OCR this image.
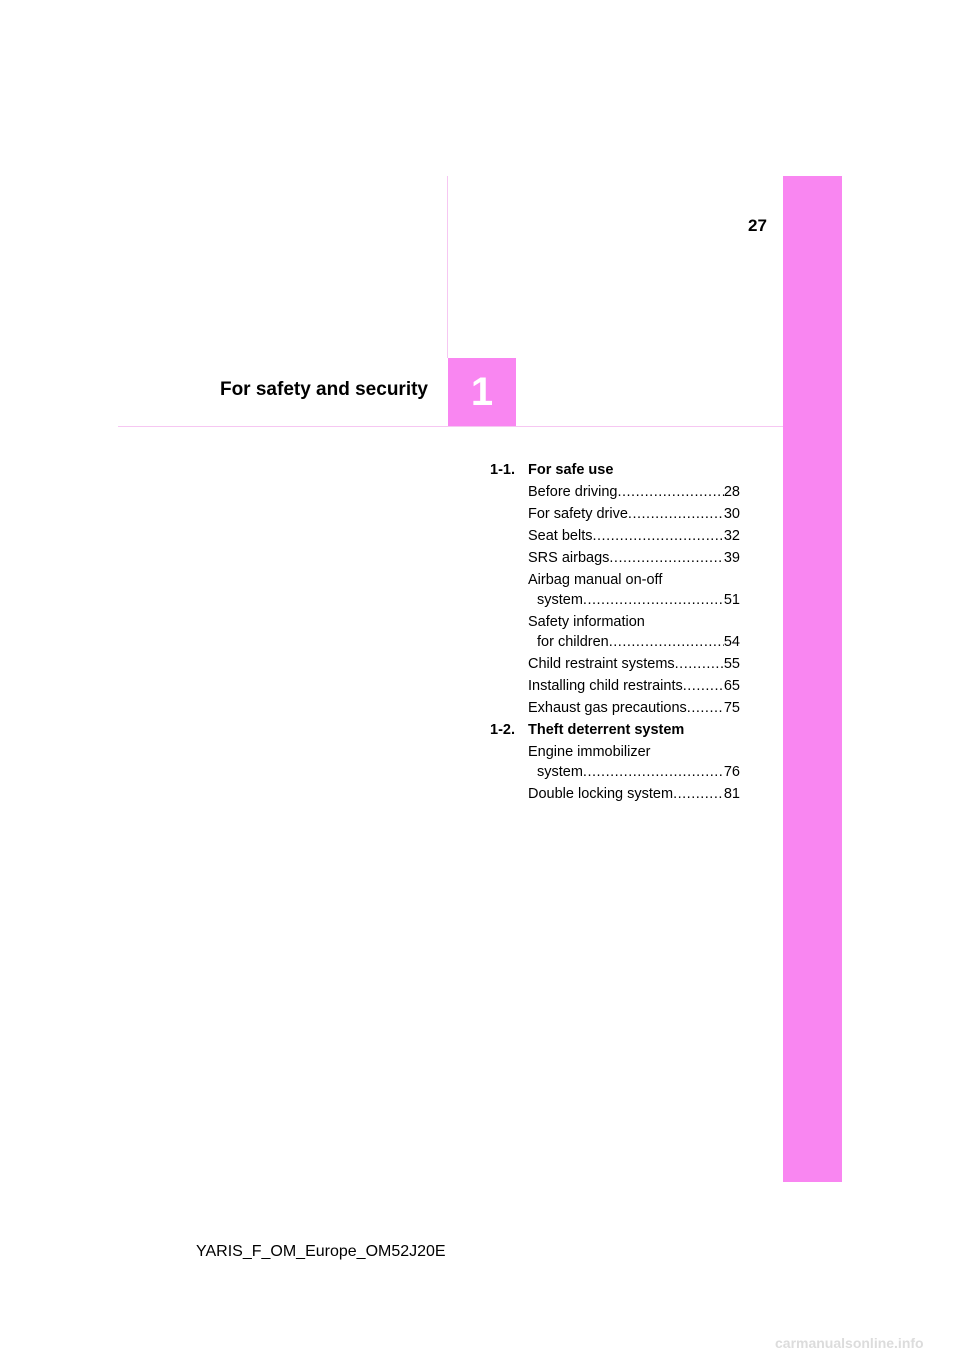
27
For safety and security 1
1-1. For safe use
Before driving .....	28
For safety drive .....	30
Seat belts .....	32
SRS airbags .....	39
Airbag manual on-off
system .....	51
Safety information
for children .....	54
Child restraint systems .....	55
Installing child restraints .....	65
Exhaust gas precautions .....	75
1-2. Theft deterrent system
Engine immobilizer
system .....	76
Double locking system .....	81
YARIS_F_OM_Europe_OM52J20E
carmanualsonline.info
